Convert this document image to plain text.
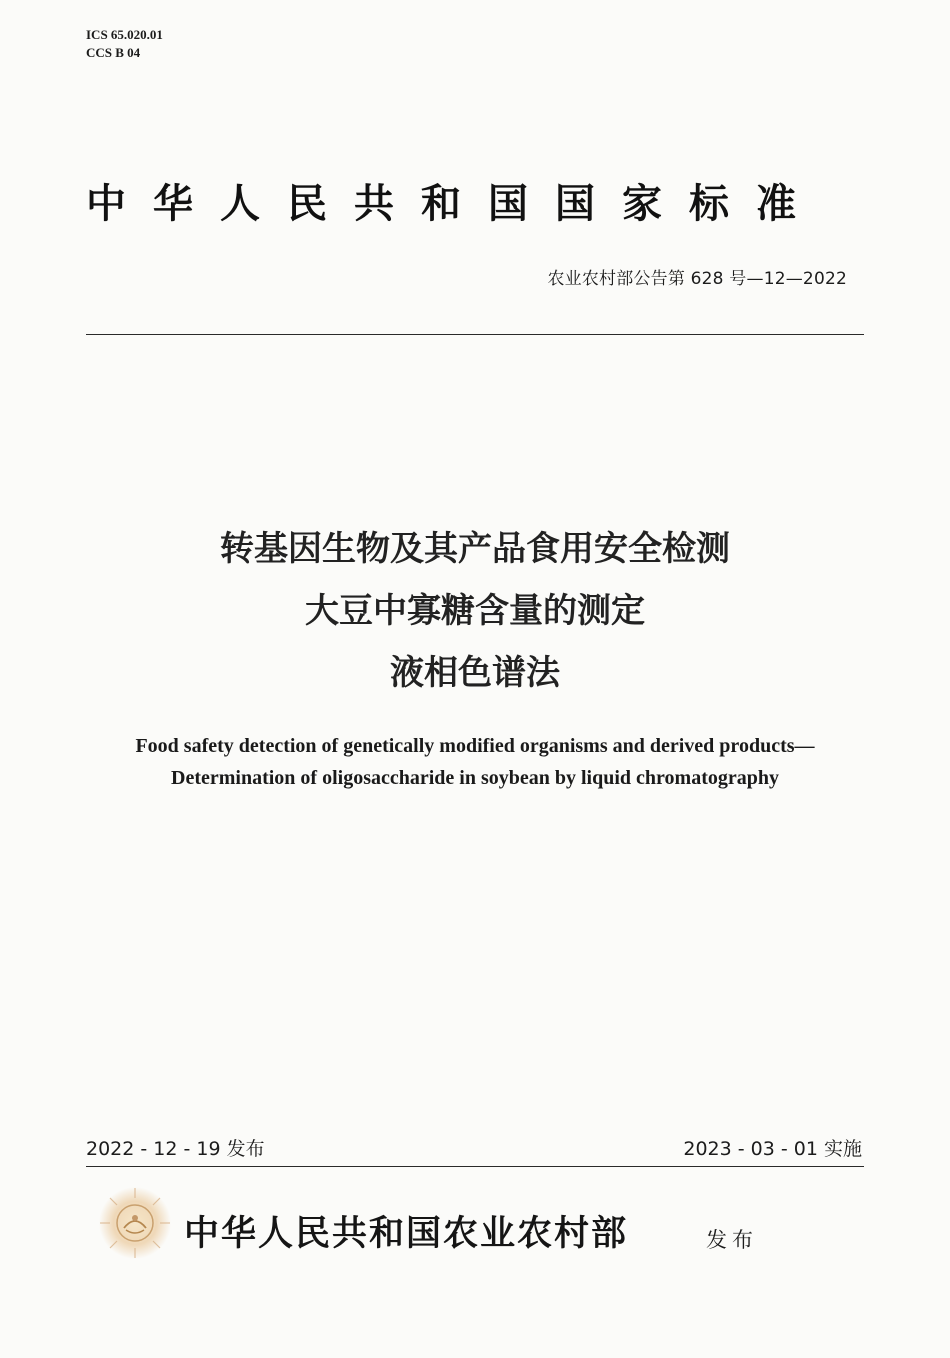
ICS 65.020.01
CCS B 04
中华人民共和国国家标准
农业农村部公告第 628 号—12—2022
转基因生物及其产品食用安全检测
大豆中寡糖含量的测定
液相色谱法
Food safety detection of genetically modified organisms and derived products—
Determination of oligosaccharide in soybean by liquid chromatography
2022 - 12 - 19 发布	2023 - 03 - 01 实施
中华人民共和国农业农村部	发布
